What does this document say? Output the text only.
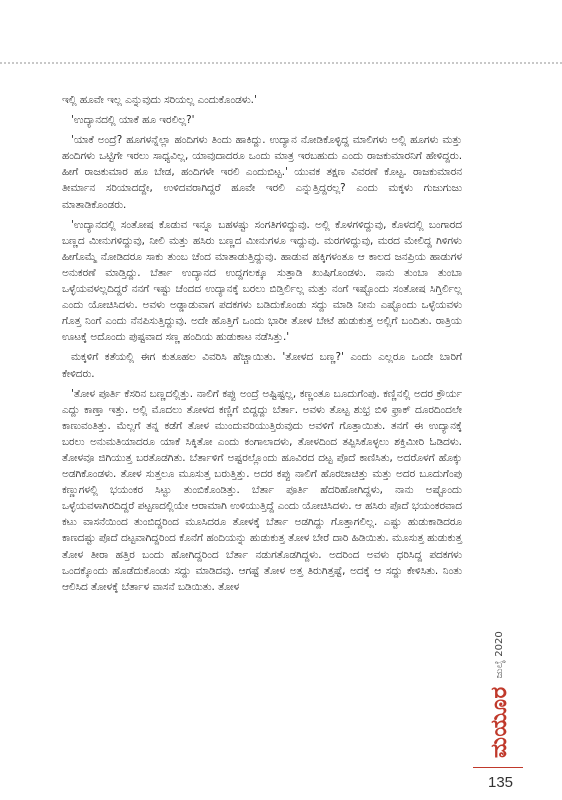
ಇಲ್ಲಿ ಹೂವೇ ಇಲ್ಲ ಎನ್ನುವುದು ಸರಿಯಲ್ಲ ಎಂದುಕೊಂಡಳು.'

'ಉದ್ಯಾನದಲ್ಲಿ ಯಾಕೆ ಹೂ ಇರಲಿಲ್ಲ?'

'ಯಾಕೆ ಅಂದ್ರೆ? ಹೂಗಳನ್ನೆಲ್ಲಾ ಹಂದಿಗಳು ತಿಂದು ಹಾಕಿದ್ದು. ಉದ್ಯಾನ ನೋಡಿಕೊಳ್ಳಿದ್ದ ಮಾಲಿಗಳು ಅಲ್ಲಿ ಹೂಗಳು ಮತ್ತು ಹಂದಿಗಳು ಒಟ್ಟಿಗೇ ಇರಲು ಸಾಧ್ಯವಿಲ್ಲ, ಯಾವುದಾದರೂ ಒಂದು ಮಾತ್ರ ಇರಬಹುದು ಎಂದು ರಾಜಕುಮಾರನಿಗೆ ಹೇಳಿದ್ದರು. ಹೀಗೆ ರಾಜಕುಮಾರ ಹೂ ಬೇಡ, ಹಂದಿಗಳೇ ಇರಲಿ ಎಂದುಬಿಟ್ಟ.' ಯುವಕ ತಕ್ಷಣ ವಿವರಣೆ ಕೊಟ್ಟ. ರಾಜಕುಮಾರನ ತೀರ್ಮಾನ ಸರಿಯಾದದ್ದೇ, ಉಳಿದವರಾಗಿದ್ದರೆ ಹೂವೇ ಇರಲಿ ಎನ್ನುತ್ತಿದ್ದರಲ್ಲ? ಎಂದು ಮಕ್ಕಳು ಗುಜುಗುಜು ಮಾತಾಡಿಕೊಂಡರು.

'ಉದ್ಯಾನದಲ್ಲಿ ಸಂತೋಷ ಕೊಡುವ ಇನ್ನೂ ಬಹಳಷ್ಟು ಸಂಗತಿಗಳಿದ್ದುವು. ಅಲ್ಲಿ ಕೊಳಗಳಿದ್ದುವು, ಕೊಳದಲ್ಲಿ ಬಂಗಾರದ ಬಣ್ಣದ ಮೀನುಗಳಿದ್ದುವು, ನೀಲಿ ಮತ್ತು ಹಸಿರು ಬಣ್ಣದ ಮೀನುಗಳೂ ಇದ್ದುವು. ಮರಗಳಿದ್ದುವು, ಮರದ ಮೇಲಿದ್ದ ಗಿಳಿಗಳು ಹೀಗೊಮ್ಮೆ ನೋಡಿದರೂ ಸಾಕು ತುಂಬ ಚೆಂದ ಮಾತಾಡುತ್ತಿದ್ದುವು. ಹಾಡುವ ಹಕ್ಕಿಗಳಂತೂ ಆ ಕಾಲದ ಜನಪ್ರಿಯ ಹಾಡುಗಳ ಅನುಕರಣೆ ಮಾಡ್ತಿದ್ದು. ಬೆರ್ತಾ ಉದ್ಯಾನದ ಉದ್ದಗಲಕ್ಕೂ ಸುತ್ತಾಡಿ ಖುಷಿಗೊಂಡಳು. ನಾನು ತುಂಬಾ ತುಂಬಾ ಒಳ್ಳೆಯವಳಲ್ಲದಿದ್ದರೆ ನನಗೆ ಇಷ್ಟು ಚೆಂದದ ಉದ್ಯಾನಕ್ಕೆ ಬರಲು ಬಿಡ್ತಿರ್ಲಿಲ್ಲ ಮತ್ತು ನಂಗೆ ಇಷ್ಟೊಂದು ಸಂತೋಷ ಸಿಗ್ತಿರ್ಲಿಲ್ಲ ಎಂದು ಯೋಚಿಸಿದಳು. ಅವಳು ಅಡ್ಡಾಡುವಾಗ ಪದಕಗಳು ಬಡಿದುಕೊಂಡು ಸದ್ದು ಮಾಡಿ ನೀನು ಎಷ್ಟೊಂದು ಒಳ್ಳೆಯವಳು ಗೊತ್ತ ನಿಂಗೆ ಎಂದು ನೆನಪಿಸುತ್ತಿದ್ದುವು. ಅದೇ ಹೊತ್ತಿಗೆ ಒಂದು ಭಾರೀ ತೋಳ ಬೇಟೆ ಹುಡುಕುತ್ತ ಅಲ್ಲಿಗೆ ಬಂದಿತು. ರಾತ್ರಿಯ ಊಟಕ್ಕೆ ಅದೊಂದು ಪುಷ್ಟವಾದ ಸಣ್ಣ ಹಂದಿಯ ಹುಡುಕಾಟ ನಡೆಸಿತ್ತು.'

ಮಕ್ಕಳಿಗೆ ಕತೆಯಲ್ಲಿ ಈಗ ಕುತೂಹಲ ವಿವರಿಸಿ ಹೆಚ್ಚಾಯಿತು. 'ತೋಳದ ಬಣ್ಣ?' ಎಂದು ಎಲ್ಲರೂ ಒಂದೇ ಬಾರಿಗೆ ಕೇಳಿದರು.

'ತೋಳ ಪೂರ್ತಿ ಕೆಸರಿನ ಬಣ್ಣದಲ್ಲಿತ್ತು. ನಾಲಿಗೆ ಕಪ್ಪು ಅಂದ್ರೆ ಅಷ್ಟಿಷ್ಟಲ್ಲ, ಕಣ್ಣಂತೂ ಬೂದುಗೆಂಪು. ಕಣ್ಣಿನಲ್ಲಿ ಅದರ ಕ್ರೌರ್ಯ ಎದ್ದು ಕಾಣ್ತಾ ಇತ್ತು. ಅಲ್ಲಿ ಮೊದಲು ತೋಳದ ಕಣ್ಣಿಗೆ ಬಿದ್ದದ್ದು ಬೆರ್ತಾ. ಅವಳು ತೊಟ್ಟ ಶುಭ್ರ ಬಿಳಿ ಫ್ರಾಕ್ ದೂರದಿಂದಲೇ ಕಾಣುವಂತಿತ್ತು. ಮೆಲ್ಲಗೆ ತನ್ನ ಕಡೆಗೆ ತೋಳ ಮುಂದುವರಿಯುತ್ತಿರುವುದು ಅವಳಿಗೆ ಗೊತ್ತಾಯಿತು. ತನಗೆ ಈ ಉದ್ಯಾನಕ್ಕೆ ಬರಲು ಅನುಮತಿಯಾದರೂ ಯಾಕೆ ಸಿಕ್ಕಿತೋ ಎಂದು ಕಂಗಾಲಾದಳು, ತೋಳದಿಂದ ತಪ್ಪಿಸಿಕೊಳ್ಳಲು ಶಕ್ತಿಮೀರಿ ಓಡಿದಳು. ತೋಳವೂ ಜಿಗಿಯುತ್ತ ಬರತೊಡಗಿತು. ಬೆರ್ತಾಳಿಗೆ ಅಷ್ಟರಲ್ಲೊಂದು ಹೂವಿರದ ದಟ್ಟ ಪೊದೆ ಕಾಣಿಸಿತು, ಅದರೊಳಗೆ ಹೊಕ್ಕು ಅಡಗಿಕೊಂಡಳು. ತೋಳ ಸುತ್ತಲೂ ಮೂಸುತ್ತ ಬರುತ್ತಿತ್ತು. ಅದರ ಕಪ್ಪು ನಾಲಿಗೆ ಹೊರಚಾಚಿತ್ತು ಮತ್ತು ಅದರ ಬೂದುಗೆಂಪು ಕಣ್ಣುಗಳಲ್ಲಿ ಭಯಂಕರ ಸಿಟ್ಟು ತುಂಬಿಕೊಂಡಿತ್ತು. ಬೆರ್ತಾ ಪೂರ್ತಿ ಹೆದರಿಹೋಗಿದ್ದಳು, ನಾನು ಅಷ್ಟೊಂದು ಒಳ್ಳೆಯವಳಾಗಿರದಿದ್ದರೆ ಪಟ್ಟಣದಲ್ಲಿಯೇ ಆರಾಮಾಗಿ ಉಳಿಯುತ್ತಿದ್ದೆ ಎಂದು ಯೋಚಿಸಿದಳು. ಆ ಹಸಿರು ಪೊದೆ ಭಯಂಕರವಾದ ಕಟು ವಾಸನೆಯಿಂದ ತುಂಬಿದ್ದರಿಂದ ಮೂಸಿದರೂ ತೋಳಕ್ಕೆ ಬೆರ್ತಾ ಅಡಗಿದ್ದು ಗೊತ್ತಾಗಲಿಲ್ಲ. ಎಷ್ಟು ಹುಡುಕಾಡಿದರೂ ಕಾಣದಷ್ಟು ಪೊದೆ ದಟ್ಟವಾಗಿದ್ದರಿಂದ ಕೊನೆಗೆ ಹಂದಿಯನ್ನು ಹುಡುಕುತ್ತ ತೋಳ ಬೇರೆ ದಾರಿ ಹಿಡಿಯಿತು. ಮೂಸುತ್ತ ಹುಡುಕುತ್ತ ತೋಳ ತೀರಾ ಹತ್ತಿರ ಬಂದು ಹೋಗಿದ್ದರಿಂದ ಬೆರ್ತಾ ನಡುಗತೊಡಗಿದ್ದಳು. ಅದರಿಂದ ಅವಳು ಧರಿಸಿದ್ದ ಪದಕಗಳು ಒಂದಕ್ಕೊಂದು ಹೊಡೆದುಕೊಂಡು ಸದ್ದು ಮಾಡಿದವು. ಆಗಷ್ಟೆ ತೋಳ ಅತ್ತ ತಿರುಗಿತ್ತಷ್ಟೆ, ಅದಕ್ಕೆ ಆ ಸದ್ದು ಕೇಳಿಸಿತು. ನಿಂತು ಆಲಿಸಿದ ತೋಳಕ್ಕೆ ಬೆರ್ತಾಳ ವಾಸನೆ ಬಡಿಯಿತು. ತೋಳ

ಮಯೂರ
ಜುಲೈ 2020
135
